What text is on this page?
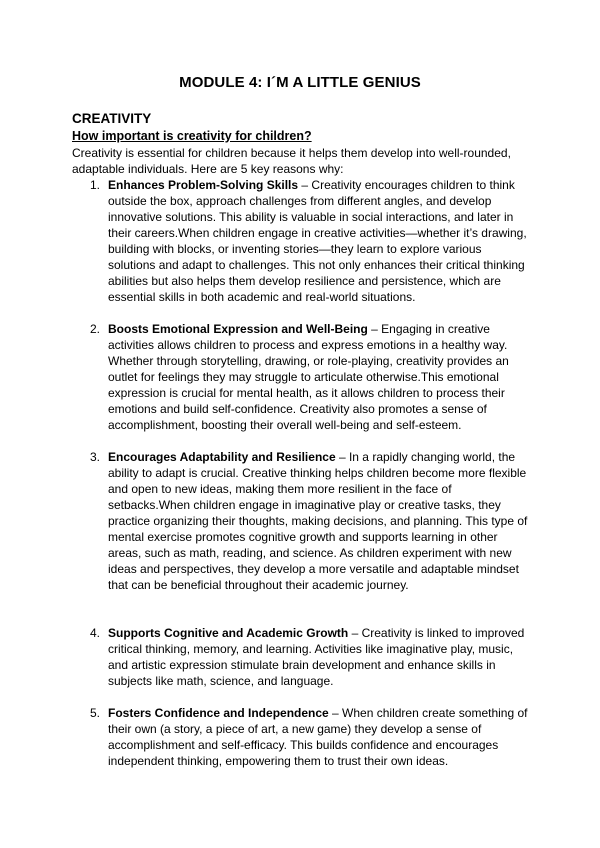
MODULE 4: I´M A LITTLE GENIUS
CREATIVITY
How important is creativity for children?
Creativity is essential for children because it helps them develop into well-rounded, adaptable individuals. Here are 5 key reasons why:
1. Enhances Problem-Solving Skills – Creativity encourages children to think outside the box, approach challenges from different angles, and develop innovative solutions. This ability is valuable in social interactions, and later in their careers.When children engage in creative activities—whether it’s drawing, building with blocks, or inventing stories—they learn to explore various solutions and adapt to challenges. This not only enhances their critical thinking abilities but also helps them develop resilience and persistence, which are essential skills in both academic and real-world situations.
2. Boosts Emotional Expression and Well-Being – Engaging in creative activities allows children to process and express emotions in a healthy way. Whether through storytelling, drawing, or role-playing, creativity provides an outlet for feelings they may struggle to articulate otherwise.This emotional expression is crucial for mental health, as it allows children to process their emotions and build self-confidence. Creativity also promotes a sense of accomplishment, boosting their overall well-being and self-esteem.
3. Encourages Adaptability and Resilience – In a rapidly changing world, the ability to adapt is crucial. Creative thinking helps children become more flexible and open to new ideas, making them more resilient in the face of setbacks.When children engage in imaginative play or creative tasks, they practice organizing their thoughts, making decisions, and planning. This type of mental exercise promotes cognitive growth and supports learning in other areas, such as math, reading, and science. As children experiment with new ideas and perspectives, they develop a more versatile and adaptable mindset that can be beneficial throughout their academic journey.
4. Supports Cognitive and Academic Growth – Creativity is linked to improved critical thinking, memory, and learning. Activities like imaginative play, music, and artistic expression stimulate brain development and enhance skills in subjects like math, science, and language.
5. Fosters Confidence and Independence – When children create something of their own (a story, a piece of art, a new game) they develop a sense of accomplishment and self-efficacy. This builds confidence and encourages independent thinking, empowering them to trust their own ideas.
